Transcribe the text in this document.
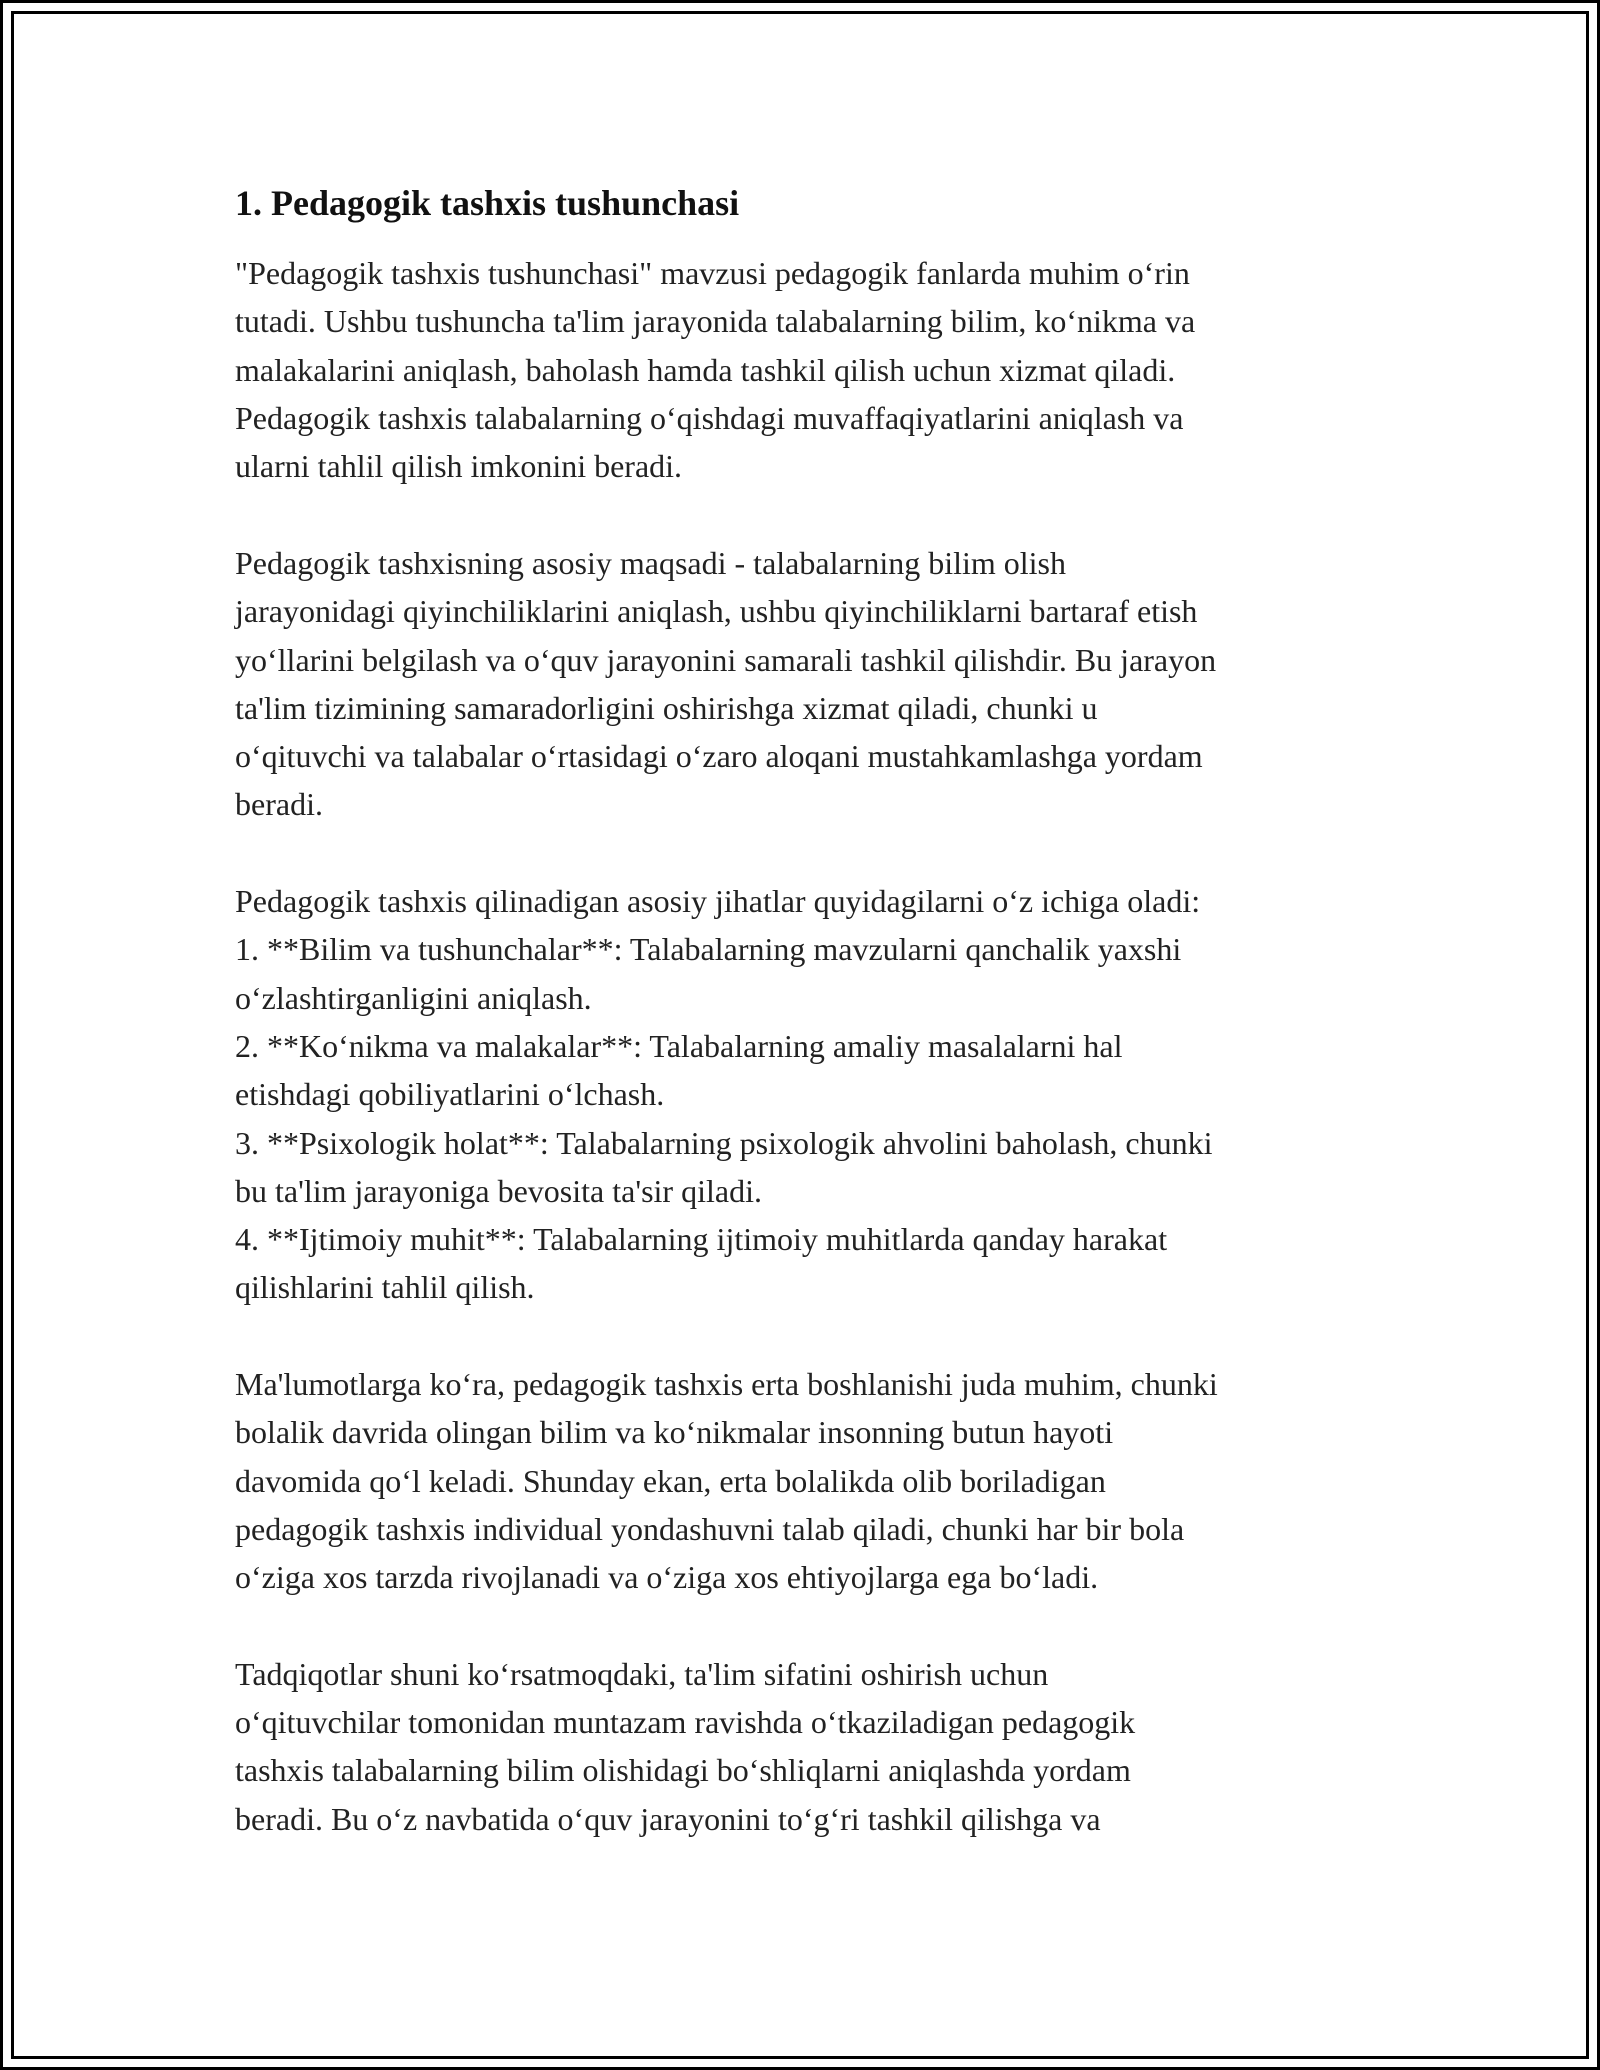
1. Pedagogik tashxis tushunchasi

"Pedagogik tashxis tushunchasi" mavzusi pedagogik fanlarda muhim o‘rin

tutadi. Ushbu tushuncha ta'lim jarayonida talabalarning bilim, ko‘nikma va

malakalarini aniqlash, baholash hamda tashkil qilish uchun xizmat qiladi.

Pedagogik tashxis talabalarning o‘qishdagi muvaffaqiyatlarini aniqlash va

ularni tahlil qilish imkonini beradi.

Pedagogik tashxisning asosiy maqsadi - talabalarning bilim olish

jarayonidagi qiyinchiliklarini aniqlash, ushbu qiyinchiliklarni bartaraf etish

yo‘llarini belgilash va o‘quv jarayonini samarali tashkil qilishdir. Bu jarayon

ta'lim tizimining samaradorligini oshirishga xizmat qiladi, chunki u

o‘qituvchi va talabalar o‘rtasidagi o‘zaro aloqani mustahkamlashga yordam

beradi.

Pedagogik tashxis qilinadigan asosiy jihatlar quyidagilarni o‘z ichiga oladi:

1. **Bilim va tushunchalar**: Talabalarning mavzularni qanchalik yaxshi

o‘zlashtirganligini aniqlash.

2. **Ko‘nikma va malakalar**: Talabalarning amaliy masalalarni hal

etishdagi qobiliyatlarini o‘lchash.

3. **Psixologik holat**: Talabalarning psixologik ahvolini baholash, chunki

bu ta'lim jarayoniga bevosita ta'sir qiladi.

4. **Ijtimoiy muhit**: Talabalarning ijtimoiy muhitlarda qanday harakat

qilishlarini tahlil qilish.

Ma'lumotlarga ko‘ra, pedagogik tashxis erta boshlanishi juda muhim, chunki

bolalik davrida olingan bilim va ko‘nikmalar insonning butun hayoti

davomida qo‘l keladi. Shunday ekan, erta bolalikda olib boriladigan

pedagogik tashxis individual yondashuvni talab qiladi, chunki har bir bola

o‘ziga xos tarzda rivojlanadi va o‘ziga xos ehtiyojlarga ega bo‘ladi.

Tadqiqotlar shuni ko‘rsatmoqdaki, ta'lim sifatini oshirish uchun

o‘qituvchilar tomonidan muntazam ravishda o‘tkaziladigan pedagogik

tashxis talabalarning bilim olishidagi bo‘shliqlarni aniqlashda yordam

beradi. Bu o‘z navbatida o‘quv jarayonini to‘g‘ri tashkil qilishga va
